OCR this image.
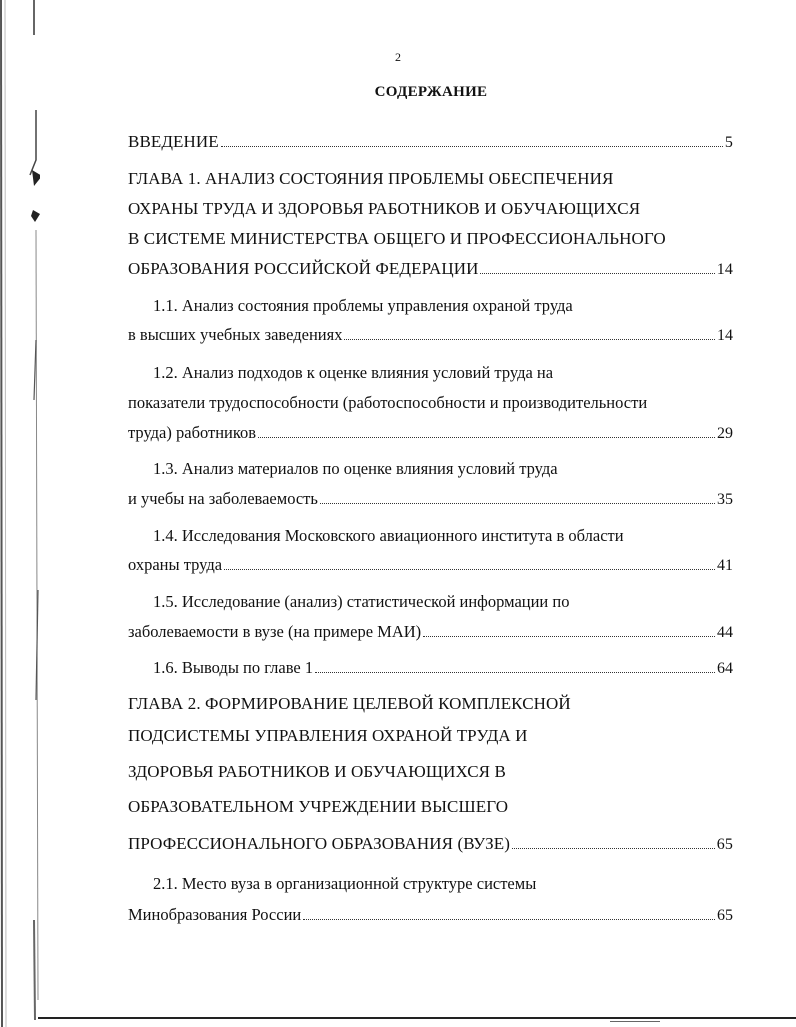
2
СОДЕРЖАНИЕ
ВВЕДЕНИЕ	5
ГЛАВА 1. АНАЛИЗ СОСТОЯНИЯ ПРОБЛЕМЫ ОБЕСПЕЧЕНИЯ
ОХРАНЫ ТРУДА И ЗДОРОВЬЯ РАБОТНИКОВ И ОБУЧАЮЩИХСЯ
В СИСТЕМЕ МИНИСТЕРСТВА ОБЩЕГО И ПРОФЕССИОНАЛЬНОГО
ОБРАЗОВАНИЯ РОССИЙСКОЙ ФЕДЕРАЦИИ	14
1.1. Анализ состояния проблемы управления охраной труда
в высших учебных заведениях	14
1.2. Анализ подходов к оценке влияния условий труда на
показатели трудоспособности (работоспособности и производительности
труда) работников	29
1.3. Анализ материалов по оценке влияния условий труда
и учебы на заболеваемость	35
1.4. Исследования Московского авиационного института в области
охраны труда	41
1.5. Исследование (анализ) статистической информации по
заболеваемости в вузе (на примере МАИ)	44
1.6. Выводы по главе 1	64
ГЛАВА 2. ФОРМИРОВАНИЕ ЦЕЛЕВОЙ КОМПЛЕКСНОЙ
ПОДСИСТЕМЫ УПРАВЛЕНИЯ ОХРАНОЙ ТРУДА И
ЗДОРОВЬЯ РАБОТНИКОВ И ОБУЧАЮЩИХСЯ В
ОБРАЗОВАТЕЛЬНОМ УЧРЕЖДЕНИИ ВЫСШЕГО
ПРОФЕССИОНАЛЬНОГО ОБРАЗОВАНИЯ (ВУЗЕ)	65
2.1. Место вуза в организационной структуре системы
Минобразования России	65
